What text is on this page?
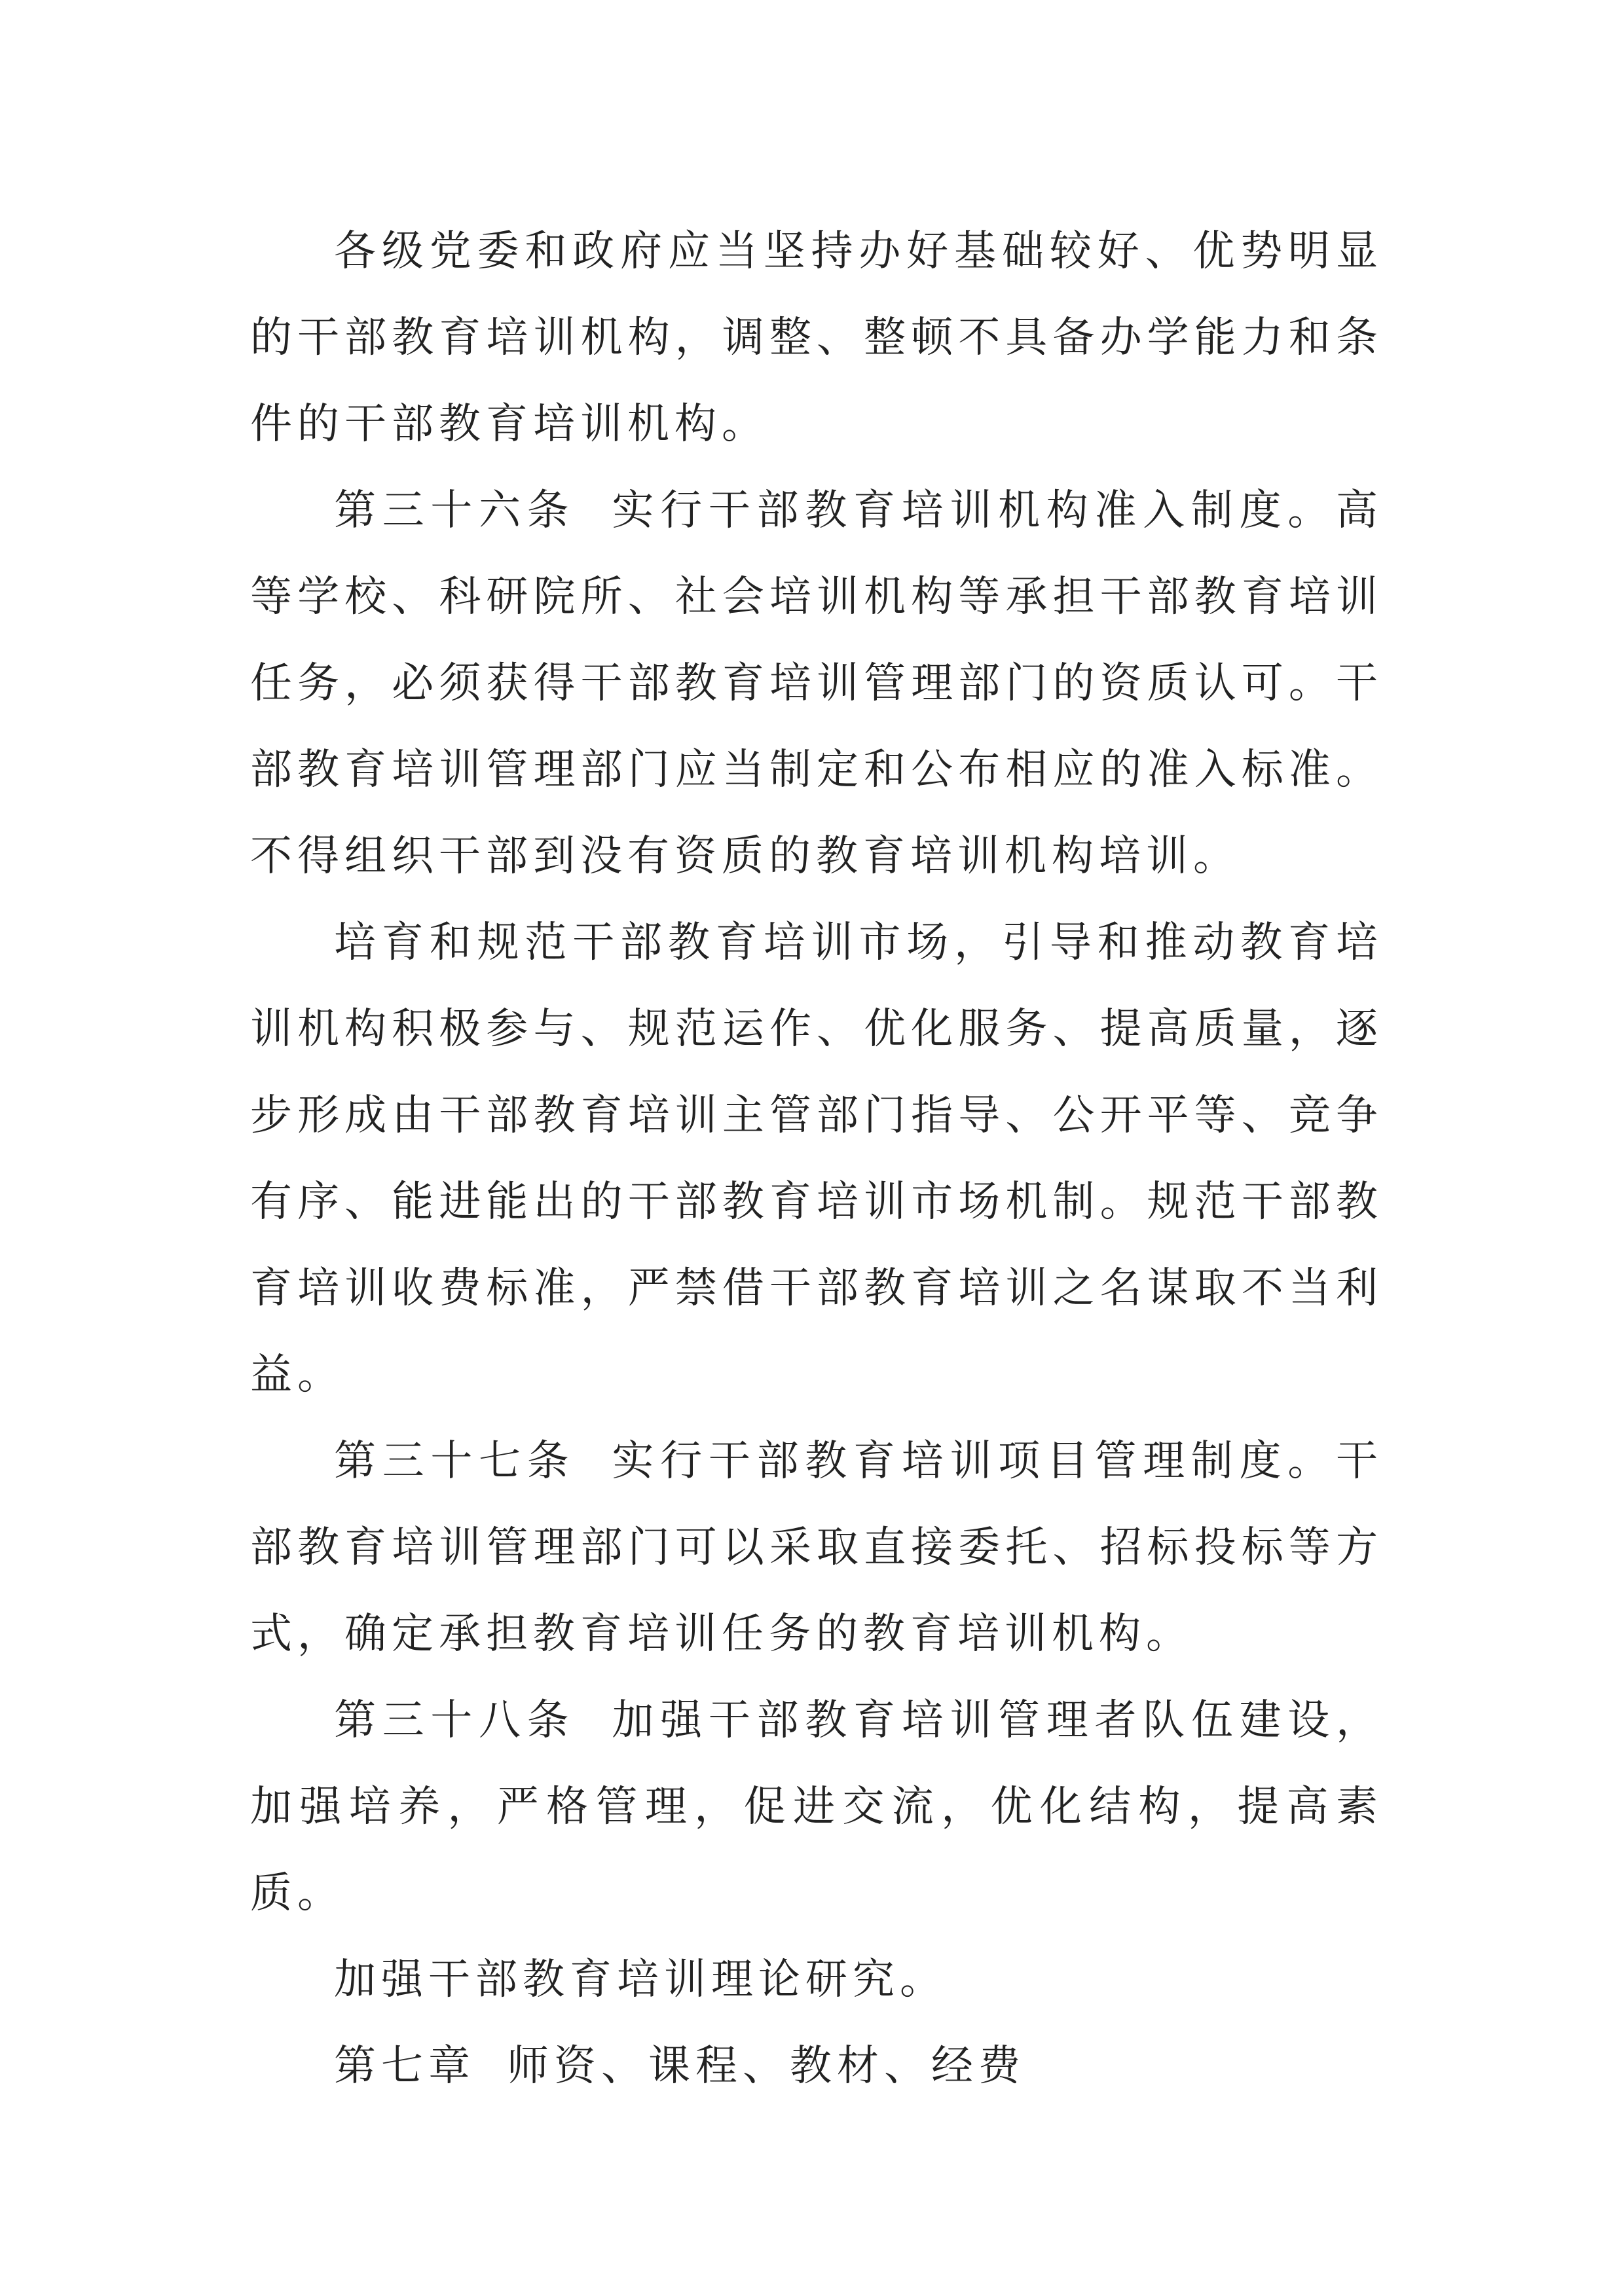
各级党委和政府应当坚持办好基础较好、优势明显的干部教育培训机构，调整、整顿不具备办学能力和条件的干部教育培训机构。

第三十六条 实行干部教育培训机构准入制度。高等学校、科研院所、社会培训机构等承担干部教育培训任务，必须获得干部教育培训管理部门的资质认可。干部教育培训管理部门应当制定和公布相应的准入标准。不得组织干部到没有资质的教育培训机构培训。

培育和规范干部教育培训市场，引导和推动教育培训机构积极参与、规范运作、优化服务、提高质量，逐步形成由干部教育培训主管部门指导、公开平等、竞争有序、能进能出的干部教育培训市场机制。规范干部教育培训收费标准，严禁借干部教育培训之名谋取不当利益。

第三十七条 实行干部教育培训项目管理制度。干部教育培训管理部门可以采取直接委托、招标投标等方式，确定承担教育培训任务的教育培训机构。

第三十八条 加强干部教育培训管理者队伍建设，加强培养，严格管理，促进交流，优化结构，提高素质。

加强干部教育培训理论研究。

第七章 师资、课程、教材、经费
